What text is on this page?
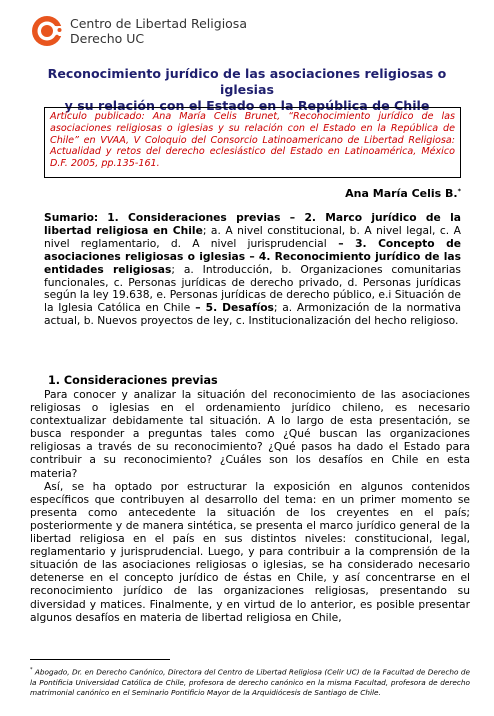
Centro de Libertad Religiosa
Derecho UC
Reconocimiento jurídico de las asociaciones religiosas o iglesias
y su relación con el Estado en la República de Chile
Artículo publicado: Ana María Celis Brunet, “Reconocimiento jurídico de las asociaciones religiosas o iglesias y su relación con el Estado en la República de Chile” en VVAA, V Coloquio del Consorcio Latinoamericano de Libertad Religiosa: Actualidad y retos del derecho eclesiástico del Estado en Latinoamérica, México D.F. 2005, pp.135-161.
Ana María Celis B.*
Sumario: 1. Consideraciones previas – 2. Marco jurídico de la libertad religiosa en Chile; a. A nivel constitucional, b. A nivel legal, c. A nivel reglamentario, d. A nivel jurisprudencial – 3. Concepto de asociaciones religiosas o iglesias – 4. Reconocimiento jurídico de las entidades religiosas; a. Introducción, b. Organizaciones comunitarias funcionales, c. Personas jurídicas de derecho privado, d. Personas jurídicas según la ley 19.638, e. Personas jurídicas de derecho público, e.i Situación de la Iglesia Católica en Chile – 5. Desafíos; a. Armonización de la normativa actual, b. Nuevos proyectos de ley, c. Institucionalización del hecho religioso.
1. Consideraciones previas

Para conocer y analizar la situación del reconocimiento de las asociaciones religiosas o iglesias en el ordenamiento jurídico chileno, es necesario contextualizar debidamente tal situación. A lo largo de esta presentación, se busca responder a preguntas tales como ¿Qué buscan las organizaciones religiosas a través de su reconocimiento? ¿Qué pasos ha dado el Estado para contribuir a su reconocimiento? ¿Cuáles son los desafíos en Chile en esta materia?

Así, se ha optado por estructurar la exposición en algunos contenidos específicos que contribuyen al desarrollo del tema: en un primer momento se presenta como antecedente la situación de los creyentes en el país; posteriormente y de manera sintética, se presenta el marco jurídico general de la libertad religiosa en el país en sus distintos niveles: constitucional, legal, reglamentario y jurisprudencial. Luego, y para contribuir a la comprensión de la situación de las asociaciones religiosas o iglesias, se ha considerado necesario detenerse en el concepto jurídico de éstas en Chile, y así concentrarse en el reconocimiento jurídico de las organizaciones religiosas, presentando su diversidad y matices. Finalmente, y en virtud de lo anterior, es posible presentar algunos desafíos en materia de libertad religiosa en Chile,

* Abogado, Dr. en Derecho Canónico, Directora del Centro de Libertad Religiosa (Celir UC) de la Facultad de Derecho de la Pontificia Universidad Católica de Chile, profesora de derecho canónico en la misma Facultad, profesora de derecho matrimonial canónico en el Seminario Pontificio Mayor de la Arquidiócesis de Santiago de Chile.
